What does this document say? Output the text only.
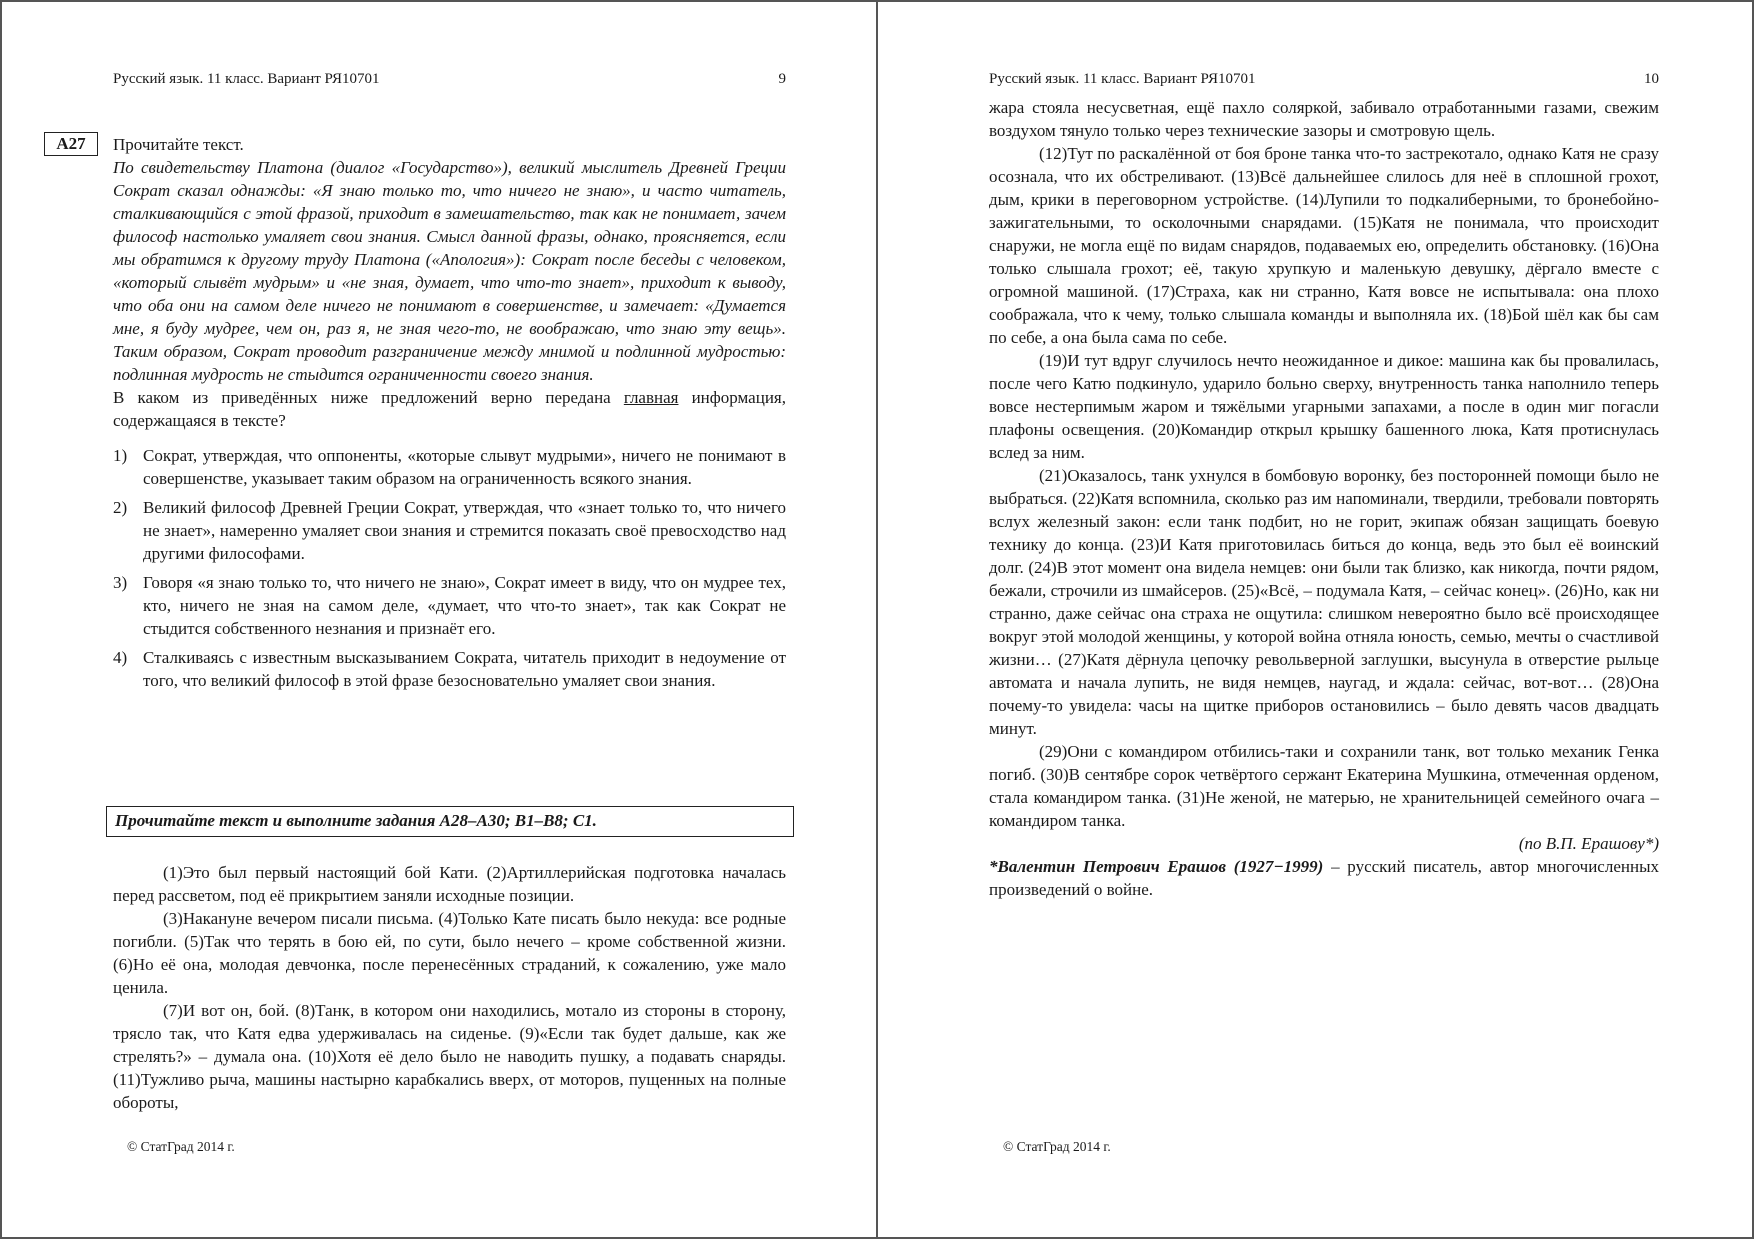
Русский язык. 11 класс. Вариант РЯ10701	9
А27	Прочитайте текст.

По свидетельству Платона (диалог «Государство»), великий мыслитель Древней Греции Сократ сказал однажды: «Я знаю только то, что ничего не знаю», и часто читатель, сталкивающийся с этой фразой, приходит в замешательство, так как не понимает, зачем философ настолько умаляет свои знания. Смысл данной фразы, однако, проясняется, если мы обратимся к другому труду Платона («Апология»): Сократ после беседы с человеком, «который слывёт мудрым» и «не зная, думает, что что-то знает», приходит к выводу, что оба они на самом деле ничего не понимают в совершенстве, и замечает: «Думается мне, я буду мудрее, чем он, раз я, не зная чего-то, не воображаю, что знаю эту вещь». Таким образом, Сократ проводит разграничение между мнимой и подлинной мудростью: подлинная мудрость не стыдится ограниченности своего знания.

В каком из приведённых ниже предложений верно передана главная информация, содержащаяся в тексте?

1) Сократ, утверждая, что оппоненты, «которые слывут мудрыми», ничего не понимают в совершенстве, указывает таким образом на ограниченность всякого знания.
2) Великий философ Древней Греции Сократ, утверждая, что «знает только то, что ничего не знает», намеренно умаляет свои знания и стремится показать своё превосходство над другими философами.
3) Говоря «я знаю только то, что ничего не знаю», Сократ имеет в виду, что он мудрее тех, кто, ничего не зная на самом деле, «думает, что что-то знает», так как Сократ не стыдится собственного незнания и признаёт его.
4) Сталкиваясь с известным высказыванием Сократа, читатель приходит в недоумение от того, что великий философ в этой фразе безосновательно умаляет свои знания.
Прочитайте текст и выполните задания А28–А30; В1–В8; С1.

(1)Это был первый настоящий бой Кати. (2)Артиллерийская подготовка началась перед рассветом, под её прикрытием заняли исходные позиции.

(3)Накануне вечером писали письма. (4)Только Кате писать было некуда: все родные погибли. (5)Так что терять в бою ей, по сути, было нечего – кроме собственной жизни. (6)Но её она, молодая девчонка, после перенесённых страданий, к сожалению, уже мало ценила.

(7)И вот он, бой. (8)Танк, в котором они находились, мотало из стороны в сторону, трясло так, что Катя едва удерживалась на сиденье. (9)«Если так будет дальше, как же стрелять?» – думала она. (10)Хотя её дело было не наводить пушку, а подавать снаряды. (11)Тужливо рыча, машины настырно карабкались вверх, от моторов, пущенных на полные обороты,

© СтатГрад 2014 г.
Русский язык. 11 класс. Вариант РЯ10701	10

жара стояла несусветная, ещё пахло соляркой, забивало отработанными газами, свежим воздухом тянуло только через технические зазоры и смотровую щель.

(12)Тут по раскалённой от боя броне танка что-то застрекотало, однако Катя не сразу осознала, что их обстреливают. (13)Всё дальнейшее слилось для неё в сплошной грохот, дым, крики в переговорном устройстве. (14)Лупили то подкалиберными, то бронебойно-зажигательными, то осколочными снарядами. (15)Катя не понимала, что происходит снаружи, не могла ещё по видам снарядов, подаваемых ею, определить обстановку. (16)Она только слышала грохот; её, такую хрупкую и маленькую девушку, дёргало вместе с огромной машиной. (17)Страха, как ни странно, Катя вовсе не испытывала: она плохо соображала, что к чему, только слышала команды и выполняла их. (18)Бой шёл как бы сам по себе, а она была сама по себе.

(19)И тут вдруг случилось нечто неожиданное и дикое: машина как бы провалилась, после чего Катю подкинуло, ударило больно сверху, внутренность танка наполнило теперь вовсе нестерпимым жаром и тяжёлыми угарными запахами, а после в один миг погасли плафоны освещения. (20)Командир открыл крышку башенного люка, Катя протиснулась вслед за ним.

(21)Оказалось, танк ухнулся в бомбовую воронку, без посторонней помощи было не выбраться. (22)Катя вспомнила, сколько раз им напоминали, твердили, требовали повторять вслух железный закон: если танк подбит, но не горит, экипаж обязан защищать боевую технику до конца. (23)И Катя приготовилась биться до конца, ведь это был её воинский долг. (24)В этот момент она видела немцев: они были так близко, как никогда, почти рядом, бежали, строчили из шмайсеров. (25)«Всё, – подумала Катя, – сейчас конец». (26)Но, как ни странно, даже сейчас она страха не ощутила: слишком невероятно было всё происходящее вокруг этой молодой женщины, у которой война отняла юность, семью, мечты о счастливой жизни… (27)Катя дёрнула цепочку револьверной заглушки, высунула в отверстие рыльце автомата и начала лупить, не видя немцев, наугад, и ждала: сейчас, вот-вот… (28)Она почему-то увидела: часы на щитке приборов остановились – было девять часов двадцать минут.

(29)Они с командиром отбились-таки и сохранили танк, вот только механик Генка погиб. (30)В сентябре сорок четвёртого сержант Екатерина Мушкина, отмеченная орденом, стала командиром танка. (31)Не женой, не матерью, не хранительницей семейного очага – командиром танка.

(по В.П. Ерашову*)

*Валентин Петрович Ерашов (1927−1999) – русский писатель, автор многочисленных произведений о войне.

© СтатГрад 2014 г.
